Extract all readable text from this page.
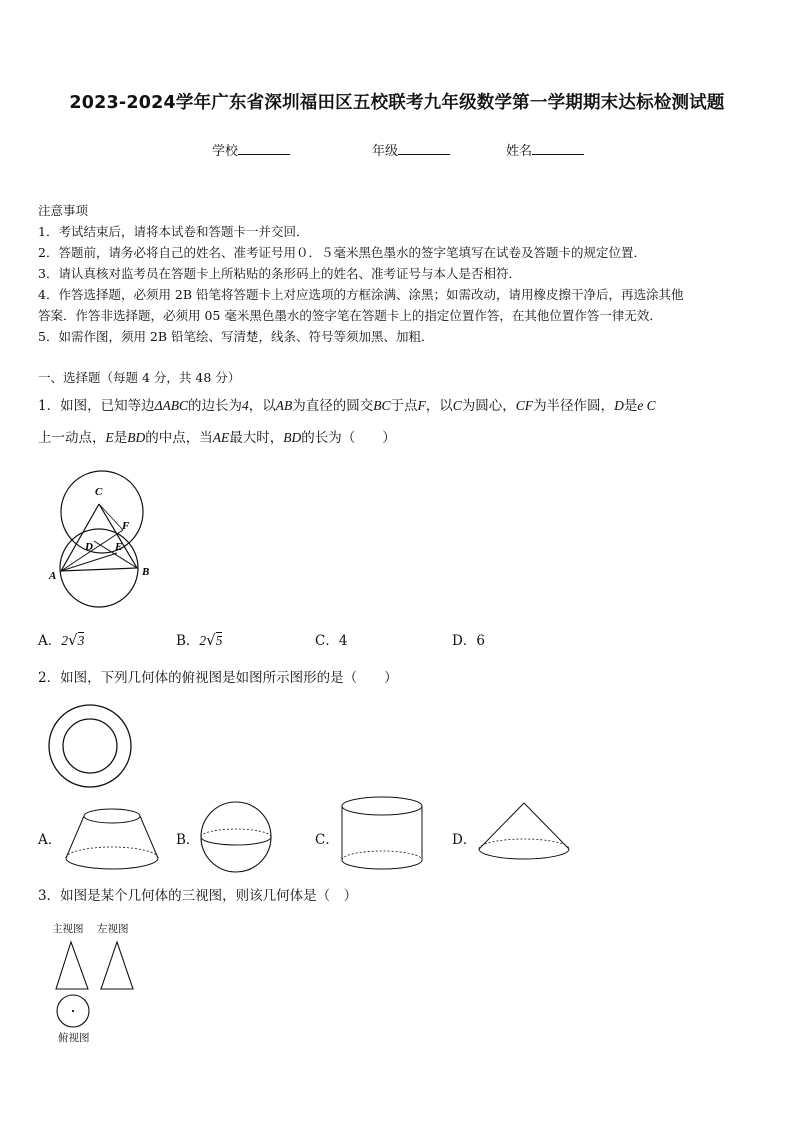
2023-2024学年广东省深圳福田区五校联考九年级数学第一学期期末达标检测试题
学校	年级	姓名
注意事项
1．考试结束后，请将本试卷和答题卡一并交回．
2．答题前，请务必将自己的姓名、准考证号用０．５毫米黑色墨水的签字笔填写在试卷及答题卡的规定位置．
3．请认真核对监考员在答题卡上所粘贴的条形码上的姓名、准考证号与本人是否相符．
4．作答选择题，必须用 2B 铅笔将答题卡上对应选项的方框涂满、涂黑；如需改动，请用橡皮擦干净后，再选涂其他
答案．作答非选择题，必须用 05 毫米黑色墨水的签字笔在答题卡上的指定位置作答，在其他位置作答一律无效．
5．如需作图，须用 2B 铅笔绘、写清楚，线条、符号等须加黑、加粗．
一、选择题（每题 4 分，共 48 分）
1．如图，已知等边ΔABC的边长为4，以AB为直径的圆交BC于点F，以C为圆心，CF为半径作圆，D是e C
上一动点，E是BD的中点，当AE最大时，BD的长为（　　）
C
F
D E
A	B
A．2√3	B．2√5	C．4	D．6
2．如图，下列几何体的俯视图是如图所示图形的是（　　）
A．	B．	C．	D．
3．如图是某个几何体的三视图，则该几何体是（　）
主视图 左视图
俯视图
